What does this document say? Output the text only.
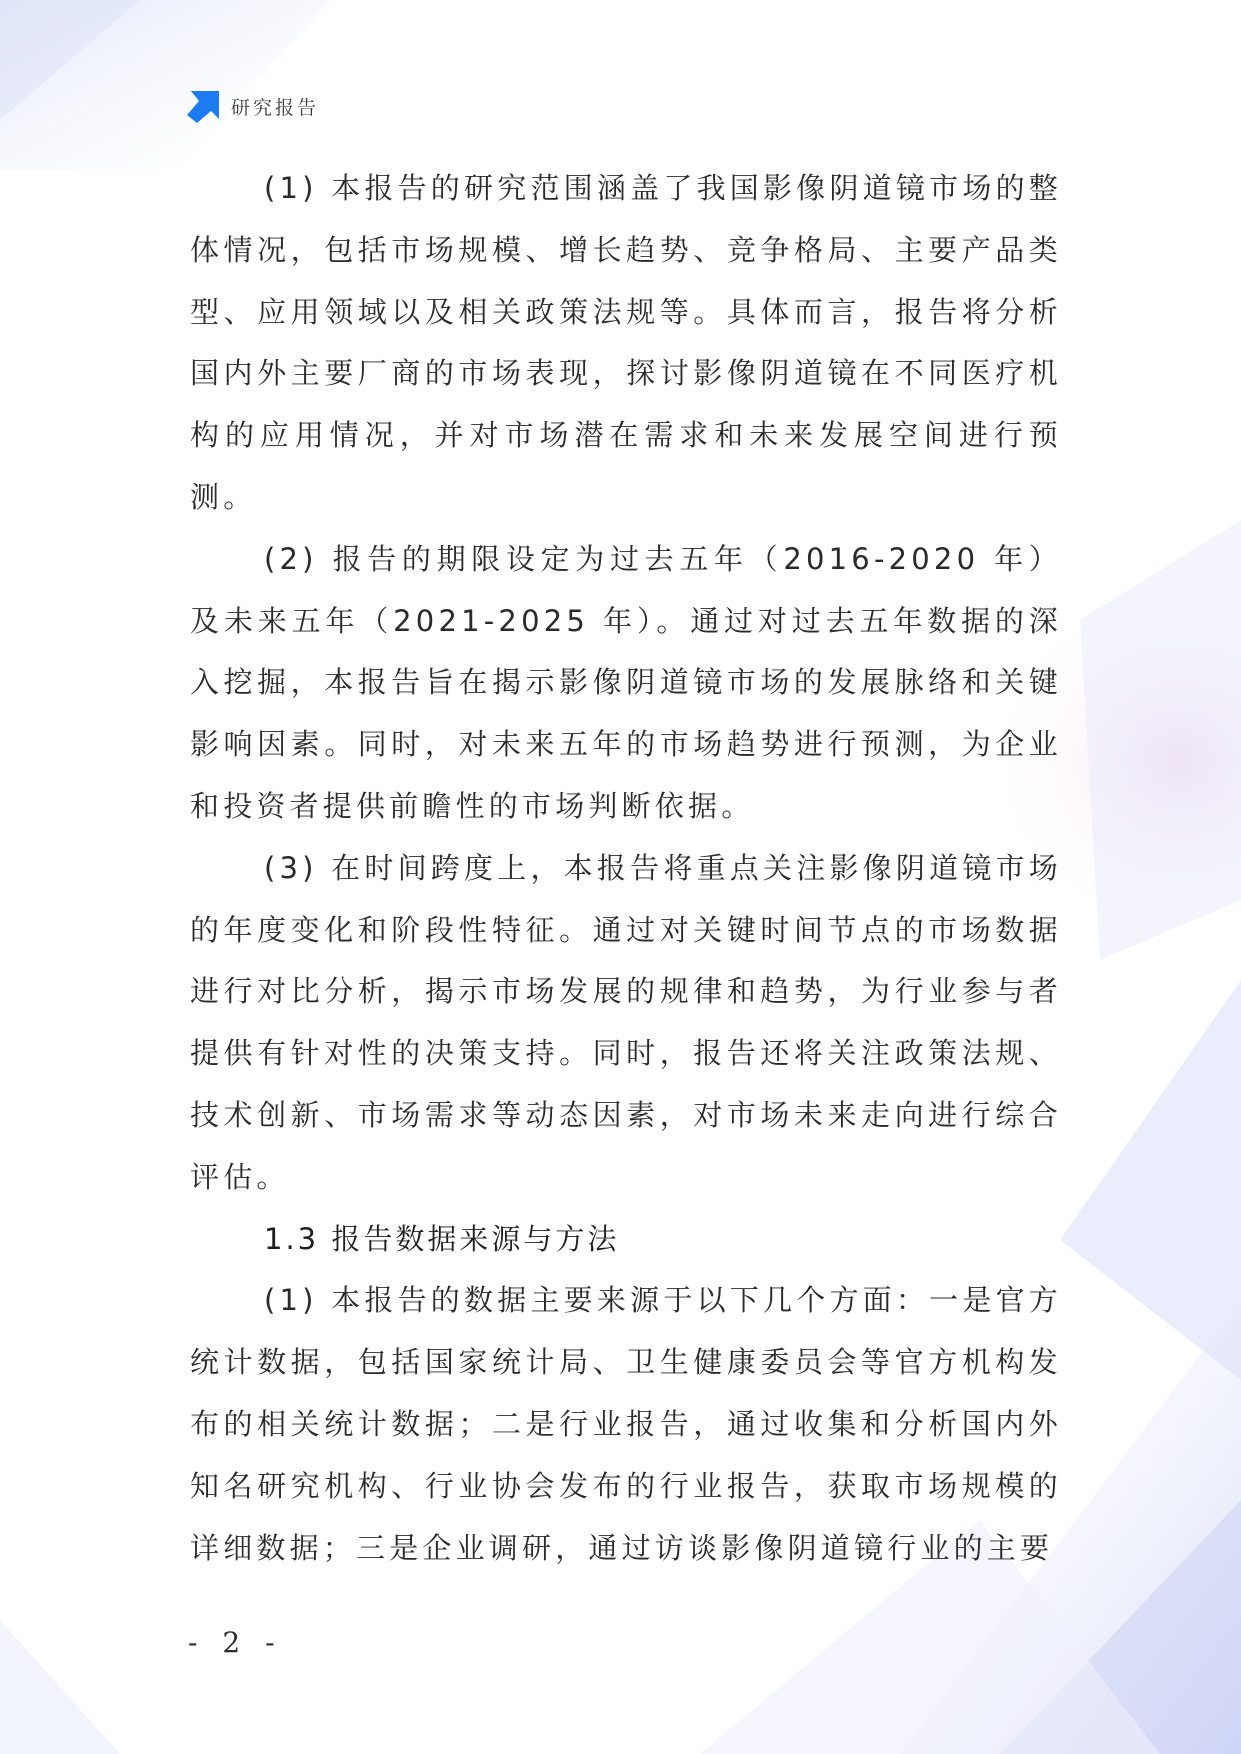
研究报告

(1) 本报告的研究范围涵盖了我国影像阴道镜市场的整体情况，包括市场规模、增长趋势、竞争格局、主要产品类型、应用领域以及相关政策法规等。具体而言，报告将分析国内外主要厂商的市场表现，探讨影像阴道镜在不同医疗机构的应用情况，并对市场潜在需求和未来发展空间进行预测。

(2) 报告的期限设定为过去五年（2016-2020 年）及未来五年（2021-2025 年）。通过对过去五年数据的深入挖掘，本报告旨在揭示影像阴道镜市场的发展脉络和关键影响因素。同时，对未来五年的市场趋势进行预测，为企业和投资者提供前瞻性的市场判断依据。

(3) 在时间跨度上，本报告将重点关注影像阴道镜市场的年度变化和阶段性特征。通过对关键时间节点的市场数据进行对比分析，揭示市场发展的规律和趋势，为行业参与者提供有针对性的决策支持。同时，报告还将关注政策法规、技术创新、市场需求等动态因素，对市场未来走向进行综合评估。

1.3 报告数据来源与方法

(1) 本报告的数据主要来源于以下几个方面：一是官方统计数据，包括国家统计局、卫生健康委员会等官方机构发布的相关统计数据；二是行业报告，通过收集和分析国内外知名研究机构、行业协会发布的行业报告，获取市场规模的详细数据；三是企业调研，通过访谈影像阴道镜行业的主要

- 2 -
